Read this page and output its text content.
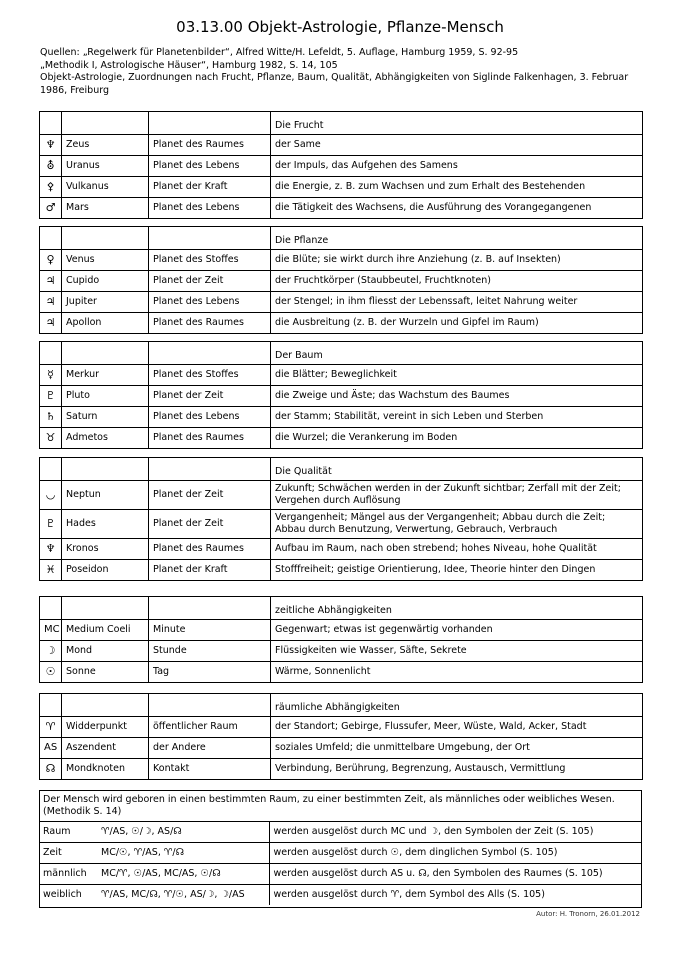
03.13.00 Objekt-Astrologie, Pflanze-Mensch
Quellen: „Regelwerk für Planetenbilder“, Alfred Witte/H. Lefeldt, 5. Auflage, Hamburg 1959, S. 92-95
„Methodik I, Astrologische Häuser“, Hamburg 1982, S. 14, 105
Objekt-Astrologie, Zuordnungen nach Frucht, Pflanze, Baum, Qualität, Abhängigkeiten von Siglinde Falkenhagen, 3. Februar 1986, Freiburg
			Die Frucht
♆	Zeus	Planet des Raumes	der Same
⛢	Uranus	Planet des Lebens	der Impuls, das Aufgehen des Samens
⚴	Vulkanus	Planet der Kraft	die Energie, z. B. zum Wachsen und zum Erhalt des Bestehenden
♂	Mars	Planet des Lebens	die Tätigkeit des Wachsens, die Ausführung des Vorangegangenen
			Die Pflanze
♀	Venus	Planet des Stoffes	die Blüte; sie wirkt durch ihre Anziehung (z. B. auf Insekten)
♃	Cupido	Planet der Zeit	der Fruchtkörper (Staubbeutel, Fruchtknoten)
♃	Jupiter	Planet des Lebens	der Stengel; in ihm fliesst der Lebenssaft, leitet Nahrung weiter
♃	Apollon	Planet des Raumes	die Ausbreitung (z. B. der Wurzeln und Gipfel im Raum)
			Der Baum
☿	Merkur	Planet des Stoffes	die Blätter; Beweglichkeit
♇	Pluto	Planet der Zeit	die Zweige und Äste; das Wachstum des Baumes
♄	Saturn	Planet des Lebens	der Stamm; Stabilität, vereint in sich Leben und Sterben
♉	Admetos	Planet des Raumes	die Wurzel; die Verankerung im Boden
			Die Qualität
◡	Neptun	Planet der Zeit	Zukunft; Schwächen werden in der Zukunft sichtbar; Zerfall mit der Zeit; Vergehen durch Auflösung
♇	Hades	Planet der Zeit	Vergangenheit; Mängel aus der Vergangenheit; Abbau durch die Zeit; Abbau durch Benutzung, Verwertung, Gebrauch, Verbrauch
♆	Kronos	Planet des Raumes	Aufbau im Raum, nach oben strebend; hohes Niveau, hohe Qualität
♓	Poseidon	Planet der Kraft	Stofffreiheit; geistige Orientierung, Idee, Theorie hinter den Dingen
			zeitliche Abhängigkeiten
MC	Medium Coeli	Minute	Gegenwart; etwas ist gegenwärtig vorhanden
☽	Mond	Stunde	Flüssigkeiten wie Wasser, Säfte, Sekrete
☉	Sonne	Tag	Wärme, Sonnenlicht
			räumliche Abhängigkeiten
♈	Widderpunkt	öffentlicher Raum	der Standort; Gebirge, Flussufer, Meer, Wüste, Wald, Acker, Stadt
AS	Aszendent	der Andere	soziales Umfeld; die unmittelbare Umgebung, der Ort
☊	Mondknoten	Kontakt	Verbindung, Berührung, Begrenzung, Austausch, Vermittlung
Der Mensch wird geboren in einen bestimmten Raum, zu einer bestimmten Zeit, als männliches oder weibliches Wesen.(Methodik S. 14)		
Raum	♈/AS, ☉/☽, AS/☊	werden ausgelöst durch MC und ☽, den Symbolen der Zeit (S. 105)
Zeit	MC/☉, ♈/AS, ♈/☊	werden ausgelöst durch ☉, dem dinglichen Symbol (S. 105)
männlich	MC/♈, ☉/AS, MC/AS, ☉/☊	werden ausgelöst durch AS u. ☊, den Symbolen des Raumes (S. 105)
weiblich	♈/AS, MC/☊, ♈/☉, AS/☽, ☽/AS	werden ausgelöst durch ♈, dem Symbol des Alls (S. 105)
Autor: H. Tronorn, 26.01.2012
